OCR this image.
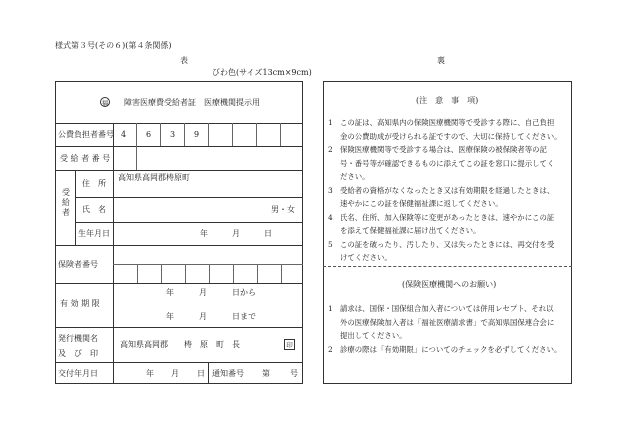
様式第３号(その６)(第４条関係)
表	裏
びわ色(サイズ13cm×9cm)
福 障害医療費受給者証　医療機関提示用
公費負担者番号 4 6 3 9
受 給 者 番 号
受給者
住　所
高知県高岡郡梼原町
氏　名	男・女
生年月日	年	月	日
保険者番号
有 効 期 限
年	月	日から
年	月	日まで
発行機関名
及　び　印
高知県高岡郡　　梼　原　町　長	印
交付年月日	年 月 日 通知番号 第	号
(注　意　事　項)
1 この証は、高知県内の保険医療機関等で受診する際に、自己負担
金の公費助成が受けられる証ですので、大切に保持してください。
2 保険医療機関等で受診する場合は、医療保険の被保険者等の記
号・番号等が確認できるものに添えてこの証を窓口に提示してく
ださい。
3 受給者の資格がなくなったとき又は有効期限を経過したときは、
速やかにこの証を保健福祉課に返してください。
4 氏名、住所、加入保険等に変更があったときは、速やかにこの証
を添えて保健福祉課に届け出てください。
5 この証を破ったり、汚したり、又は失ったときには、再交付を受
けてください。
(保険医療機関へのお願い)
1 請求は、国保・国保組合加入者については併用レセプト、それ以
外の医療保険加入者は「福祉医療請求書」で高知県国保連合会に
提出してください。
2 診療の際は「有効期限」についてのチェックを必ずしてください。
